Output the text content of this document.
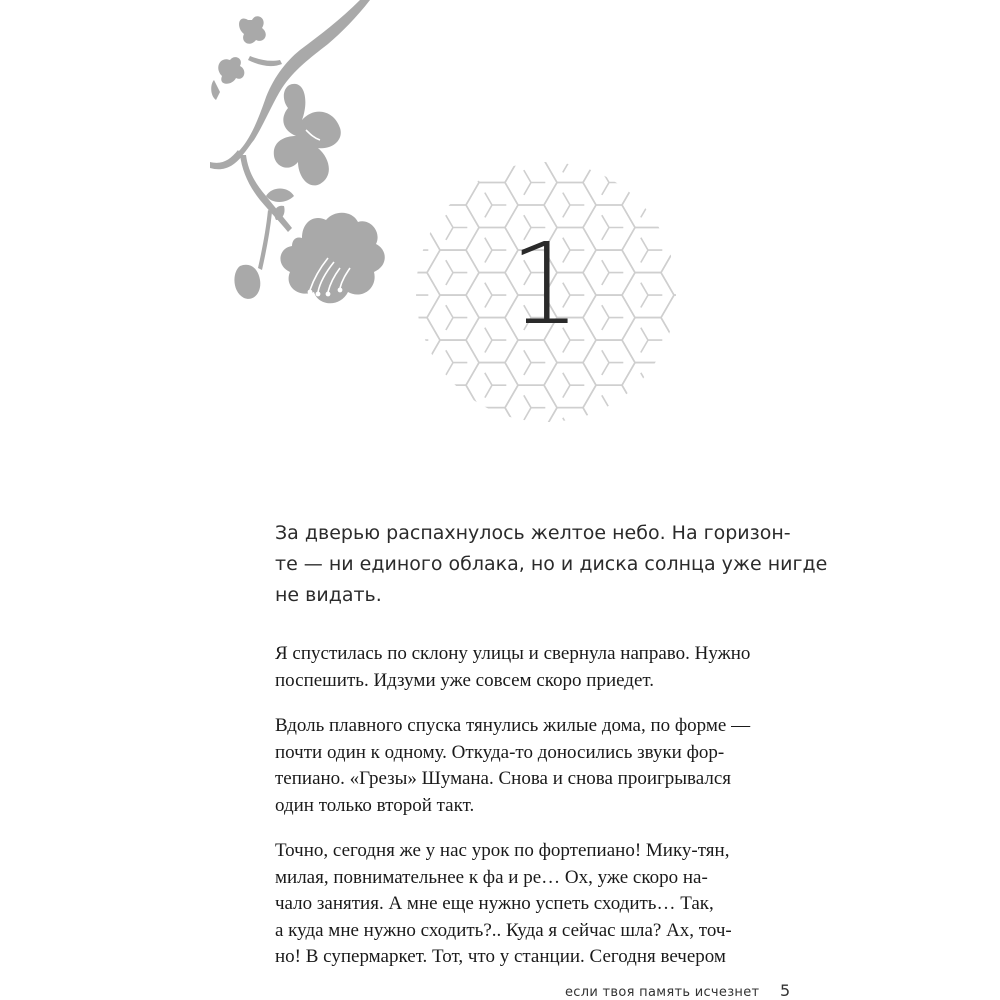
1
За дверью распахнулось желтое небо. На горизон-
те — ни единого облака, но и диска солнца уже нигде
не видать.
Я спустилась по склону улицы и свернула направо. Нужно
поспешить. Идзуми уже совсем скоро приедет.
Вдоль плавного спуска тянулись жилые дома, по форме —
почти один к одному. Откуда-то доносились звуки фор-
тепиано. «Грезы» Шумана. Снова и снова проигрывался
один только второй такт.
Точно, сегодня же у нас урок по фортепиано! Мику-тян,
милая, повнимательнее к фа и ре… Ох, уже скоро на-
чало занятия. А мне еще нужно успеть сходить… Так,
а куда мне нужно сходить?.. Куда я сейчас шла? Ах, точ-
но! В супермаркет. Тот, что у станции. Сегодня вечером
если твоя память исчезнет 5
